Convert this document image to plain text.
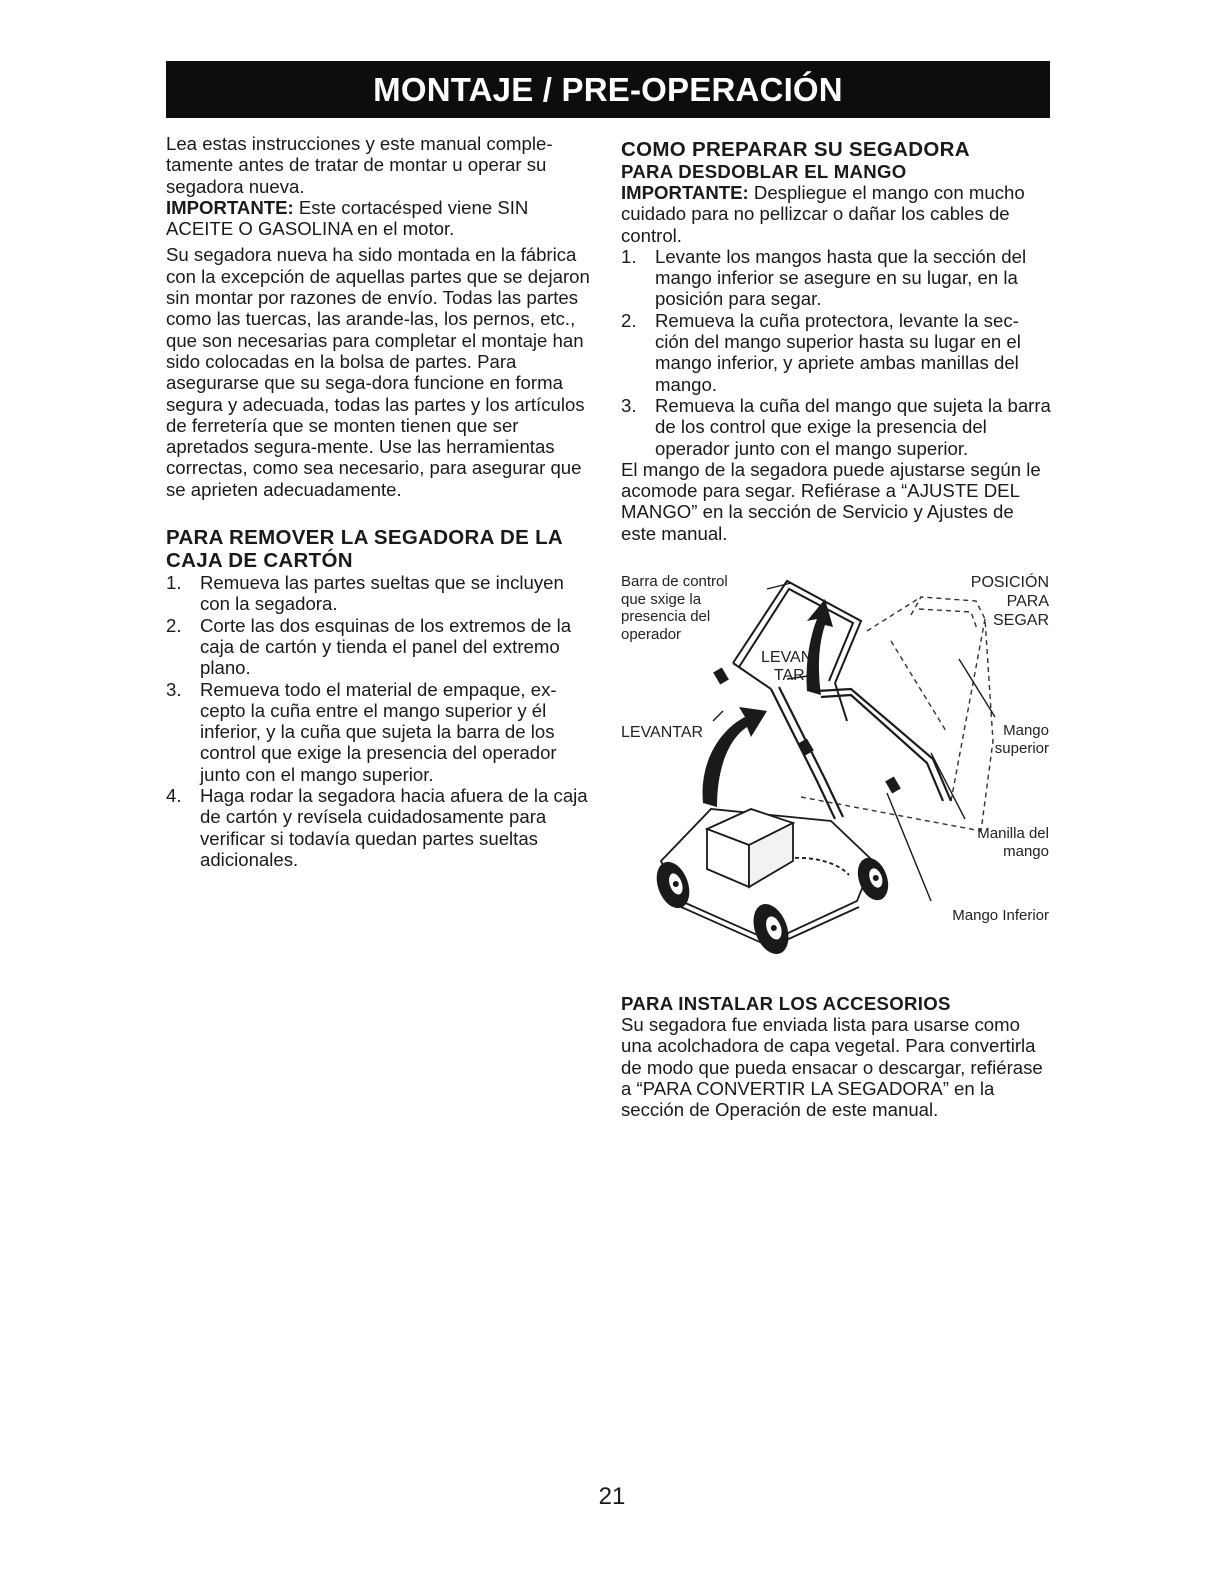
MONTAJE / PRE-OPERACIÓN

Lea estas instrucciones y este manual comple-tamente antes de tratar de montar u operar su segadora nueva.

IMPORTANTE: Este cortacésped viene SIN ACEITE O GASOLINA en el motor.

Su segadora nueva ha sido montada en la fábrica con la excepción de aquellas partes que se dejaron sin montar por razones de envío. Todas las partes como las tuercas, las arande-las, los pernos, etc., que son necesarias para completar el montaje han sido colocadas en la bolsa de partes. Para asegurarse que su sega-dora funcione en forma segura y adecuada, todas las partes y los artículos de ferretería que se monten tienen que ser apretados segura-mente. Use las herramientas correctas, como sea necesario, para asegurar que se aprieten adecuadamente.

PARA REMOVER LA SEGADORA DE LA CAJA DE CARTÓN
1. Remueva las partes sueltas que se incluyen con la segadora.
2. Corte las dos esquinas de los extremos de la caja de cartón y tienda el panel del extremo plano.
3. Remueva todo el material de empaque, ex-cepto la cuña entre el mango superior y él inferior, y la cuña que sujeta la barra de los control que exige la presencia del operador junto con el mango superior.
4. Haga rodar la segadora hacia afuera de la caja de cartón y revísela cuidadosamente para verificar si todavía quedan partes sueltas adicionales.
COMO PREPARAR SU SEGADORA
PARA DESDOBLAR EL MANGO

IMPORTANTE: Despliegue el mango con mucho cuidado para no pellizcar o dañar los cables de control.

1. Levante los mangos hasta que la sección del mango inferior se asegure en su lugar, en la posición para segar.
2. Remueva la cuña protectora, levante la sec-ción del mango superior hasta su lugar en el mango inferior, y apriete ambas manillas del mango.
3. Remueva la cuña del mango que sujeta la barra de los control que exige la presencia del operador junto con el mango superior.

El mango de la segadora puede ajustarse según le acomode para segar. Refiérase a “AJUSTE DEL MANGO” en la sección de Servicio y Ajustes de este manual.

Barra de control
que sxige la
presencia del
operador
LEVAN-
TAR
LEVANTAR
POSICIÓN
PARA
SEGAR
Mango
superior
Manilla del
mango
Mango Inferior
PARA INSTALAR LOS ACCESORIOS

Su segadora fue enviada lista para usarse como una acolchadora de capa vegetal. Para convertirla de modo que pueda ensacar o descargar, refiérase a “PARA CONVERTIR LA SEGADORA” en la sección de Operación de este manual.

21
